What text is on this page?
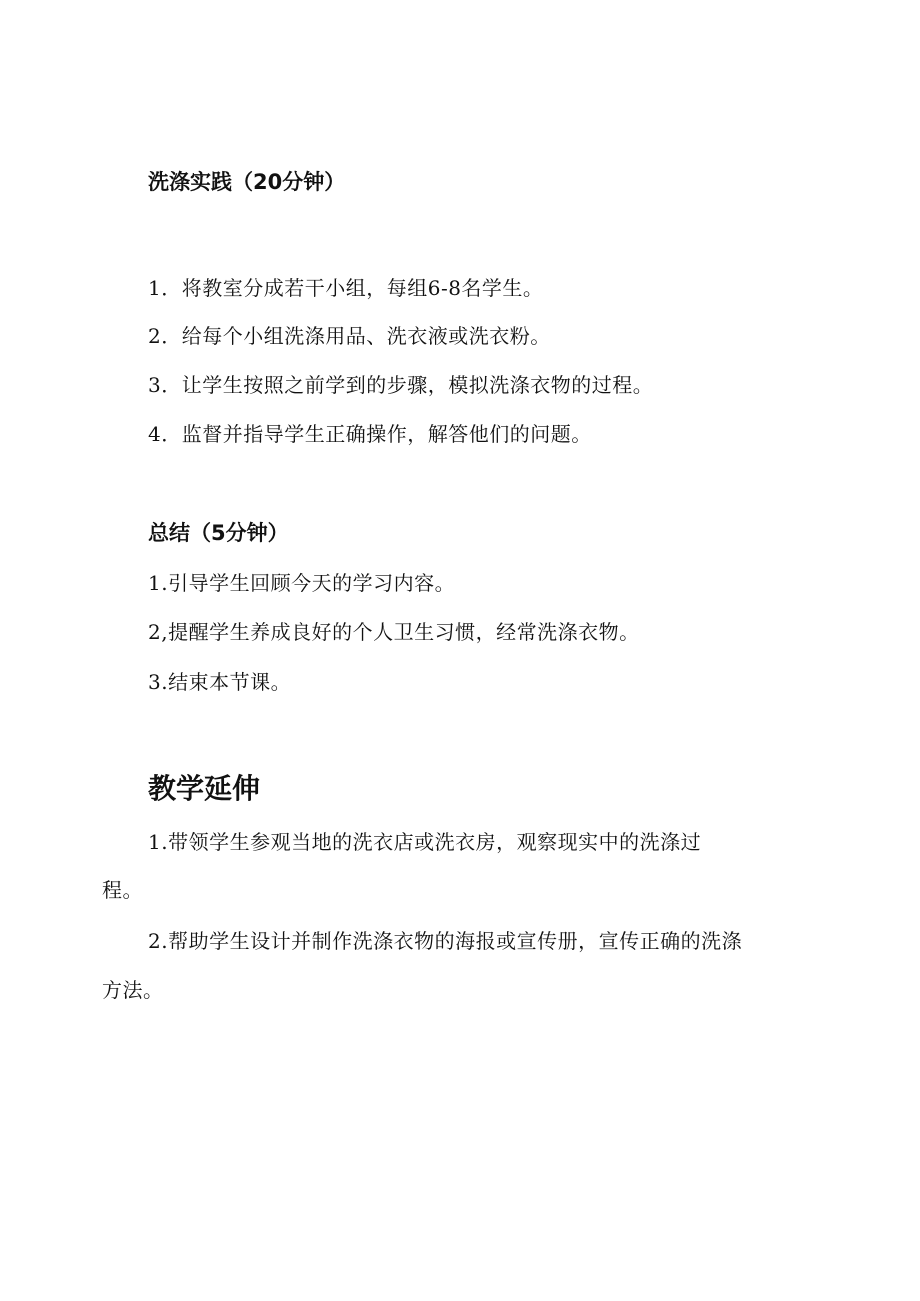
洗涤实践（20分钟）
1．将教室分成若干小组，每组6-8名学生。
2．给每个小组洗涤用品、洗衣液或洗衣粉。
3．让学生按照之前学到的步骤，模拟洗涤衣物的过程。
4．监督并指导学生正确操作，解答他们的问题。
总结（5分钟）
1.引导学生回顾今天的学习内容。
2,提醒学生养成良好的个人卫生习惯，经常洗涤衣物。
3.结束本节课。
教学延伸
1.带领学生参观当地的洗衣店或洗衣房，观察现实中的洗涤过
程。
2.帮助学生设计并制作洗涤衣物的海报或宣传册，宣传正确的洗涤
方法。
